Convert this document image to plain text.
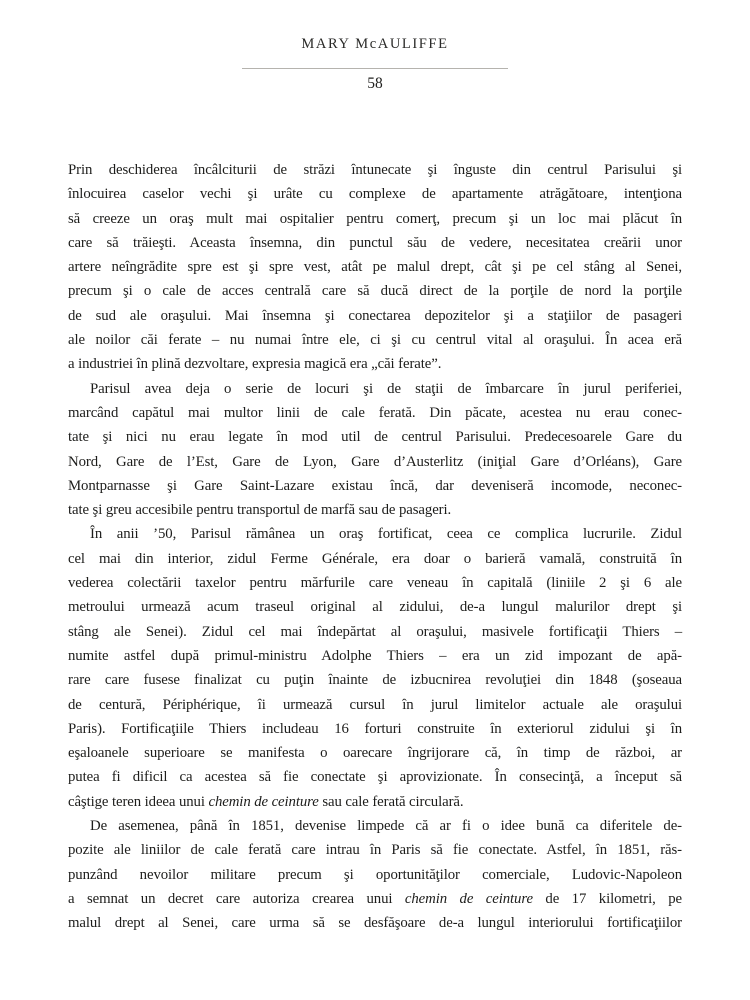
MARY McAULIFFE
58
Prin deschiderea încâlciturii de străzi întunecate şi înguste din centrul Parisului şi
înlocuirea caselor vechi şi urâte cu complexe de apartamente atrăgătoare, intenţiona
să creeze un oraş mult mai ospitalier pentru comerţ, precum şi un loc mai plăcut în
care să trăieşti. Aceasta însemna, din punctul său de vedere, necesitatea creării unor
artere neîngrădite spre est şi spre vest, atât pe malul drept, cât şi pe cel stâng al Senei,
precum şi o cale de acces centrală care să ducă direct de la porţile de nord la porţile
de sud ale oraşului. Mai însemna şi conectarea depozitelor şi a staţiilor de pasageri
ale noilor căi ferate – nu numai între ele, ci şi cu centrul vital al oraşului. În acea eră
a industriei în plină dezvoltare, expresia magică era „căi ferate”.
Parisul avea deja o serie de locuri şi de staţii de îmbarcare în jurul periferiei,
marcând capătul mai multor linii de cale ferată. Din păcate, acestea nu erau conec-
tate şi nici nu erau legate în mod util de centrul Parisului. Predecesoarele Gare du
Nord, Gare de l’Est, Gare de Lyon, Gare d’Austerlitz (iniţial Gare d’Orléans), Gare
Montparnasse şi Gare Saint-Lazare existau încă, dar deveniseră incomode, neconec-
tate şi greu accesibile pentru transportul de marfă sau de pasageri.
În anii ’50, Parisul rămânea un oraş fortificat, ceea ce complica lucrurile. Zidul
cel mai din interior, zidul Ferme Générale, era doar o barieră vamală, construită în
vederea colectării taxelor pentru mărfurile care veneau în capitală (liniile 2 şi 6 ale
metroului urmează acum traseul original al zidului, de-a lungul malurilor drept şi
stâng ale Senei). Zidul cel mai îndepărtat al oraşului, masivele fortificaţii Thiers –
numite astfel după primul-ministru Adolphe Thiers – era un zid impozant de apă-
rare care fusese finalizat cu puţin înainte de izbucnirea revoluţiei din 1848 (şoseaua
de centură, Périphérique, îi urmează cursul în jurul limitelor actuale ale oraşului
Paris). Fortificaţiile Thiers includeau 16 forturi construite în exteriorul zidului şi în
eşaloanele superioare se manifesta o oarecare îngrijorare că, în timp de război, ar
putea fi dificil ca acestea să fie conectate şi aprovizionate. În consecinţă, a început să
câştige teren ideea unui chemin de ceinture sau cale ferată circulară.
De asemenea, până în 1851, devenise limpede că ar fi o idee bună ca diferitele de-
pozite ale liniilor de cale ferată care intrau în Paris să fie conectate. Astfel, în 1851, răs-
punzând nevoilor militare precum şi oportunităţilor comerciale, Ludovic-Napoleon
a semnat un decret care autoriza crearea unui chemin de ceinture de 17 kilometri, pe
malul drept al Senei, care urma să se desfăşoare de-a lungul interiorului fortificaţiilor
